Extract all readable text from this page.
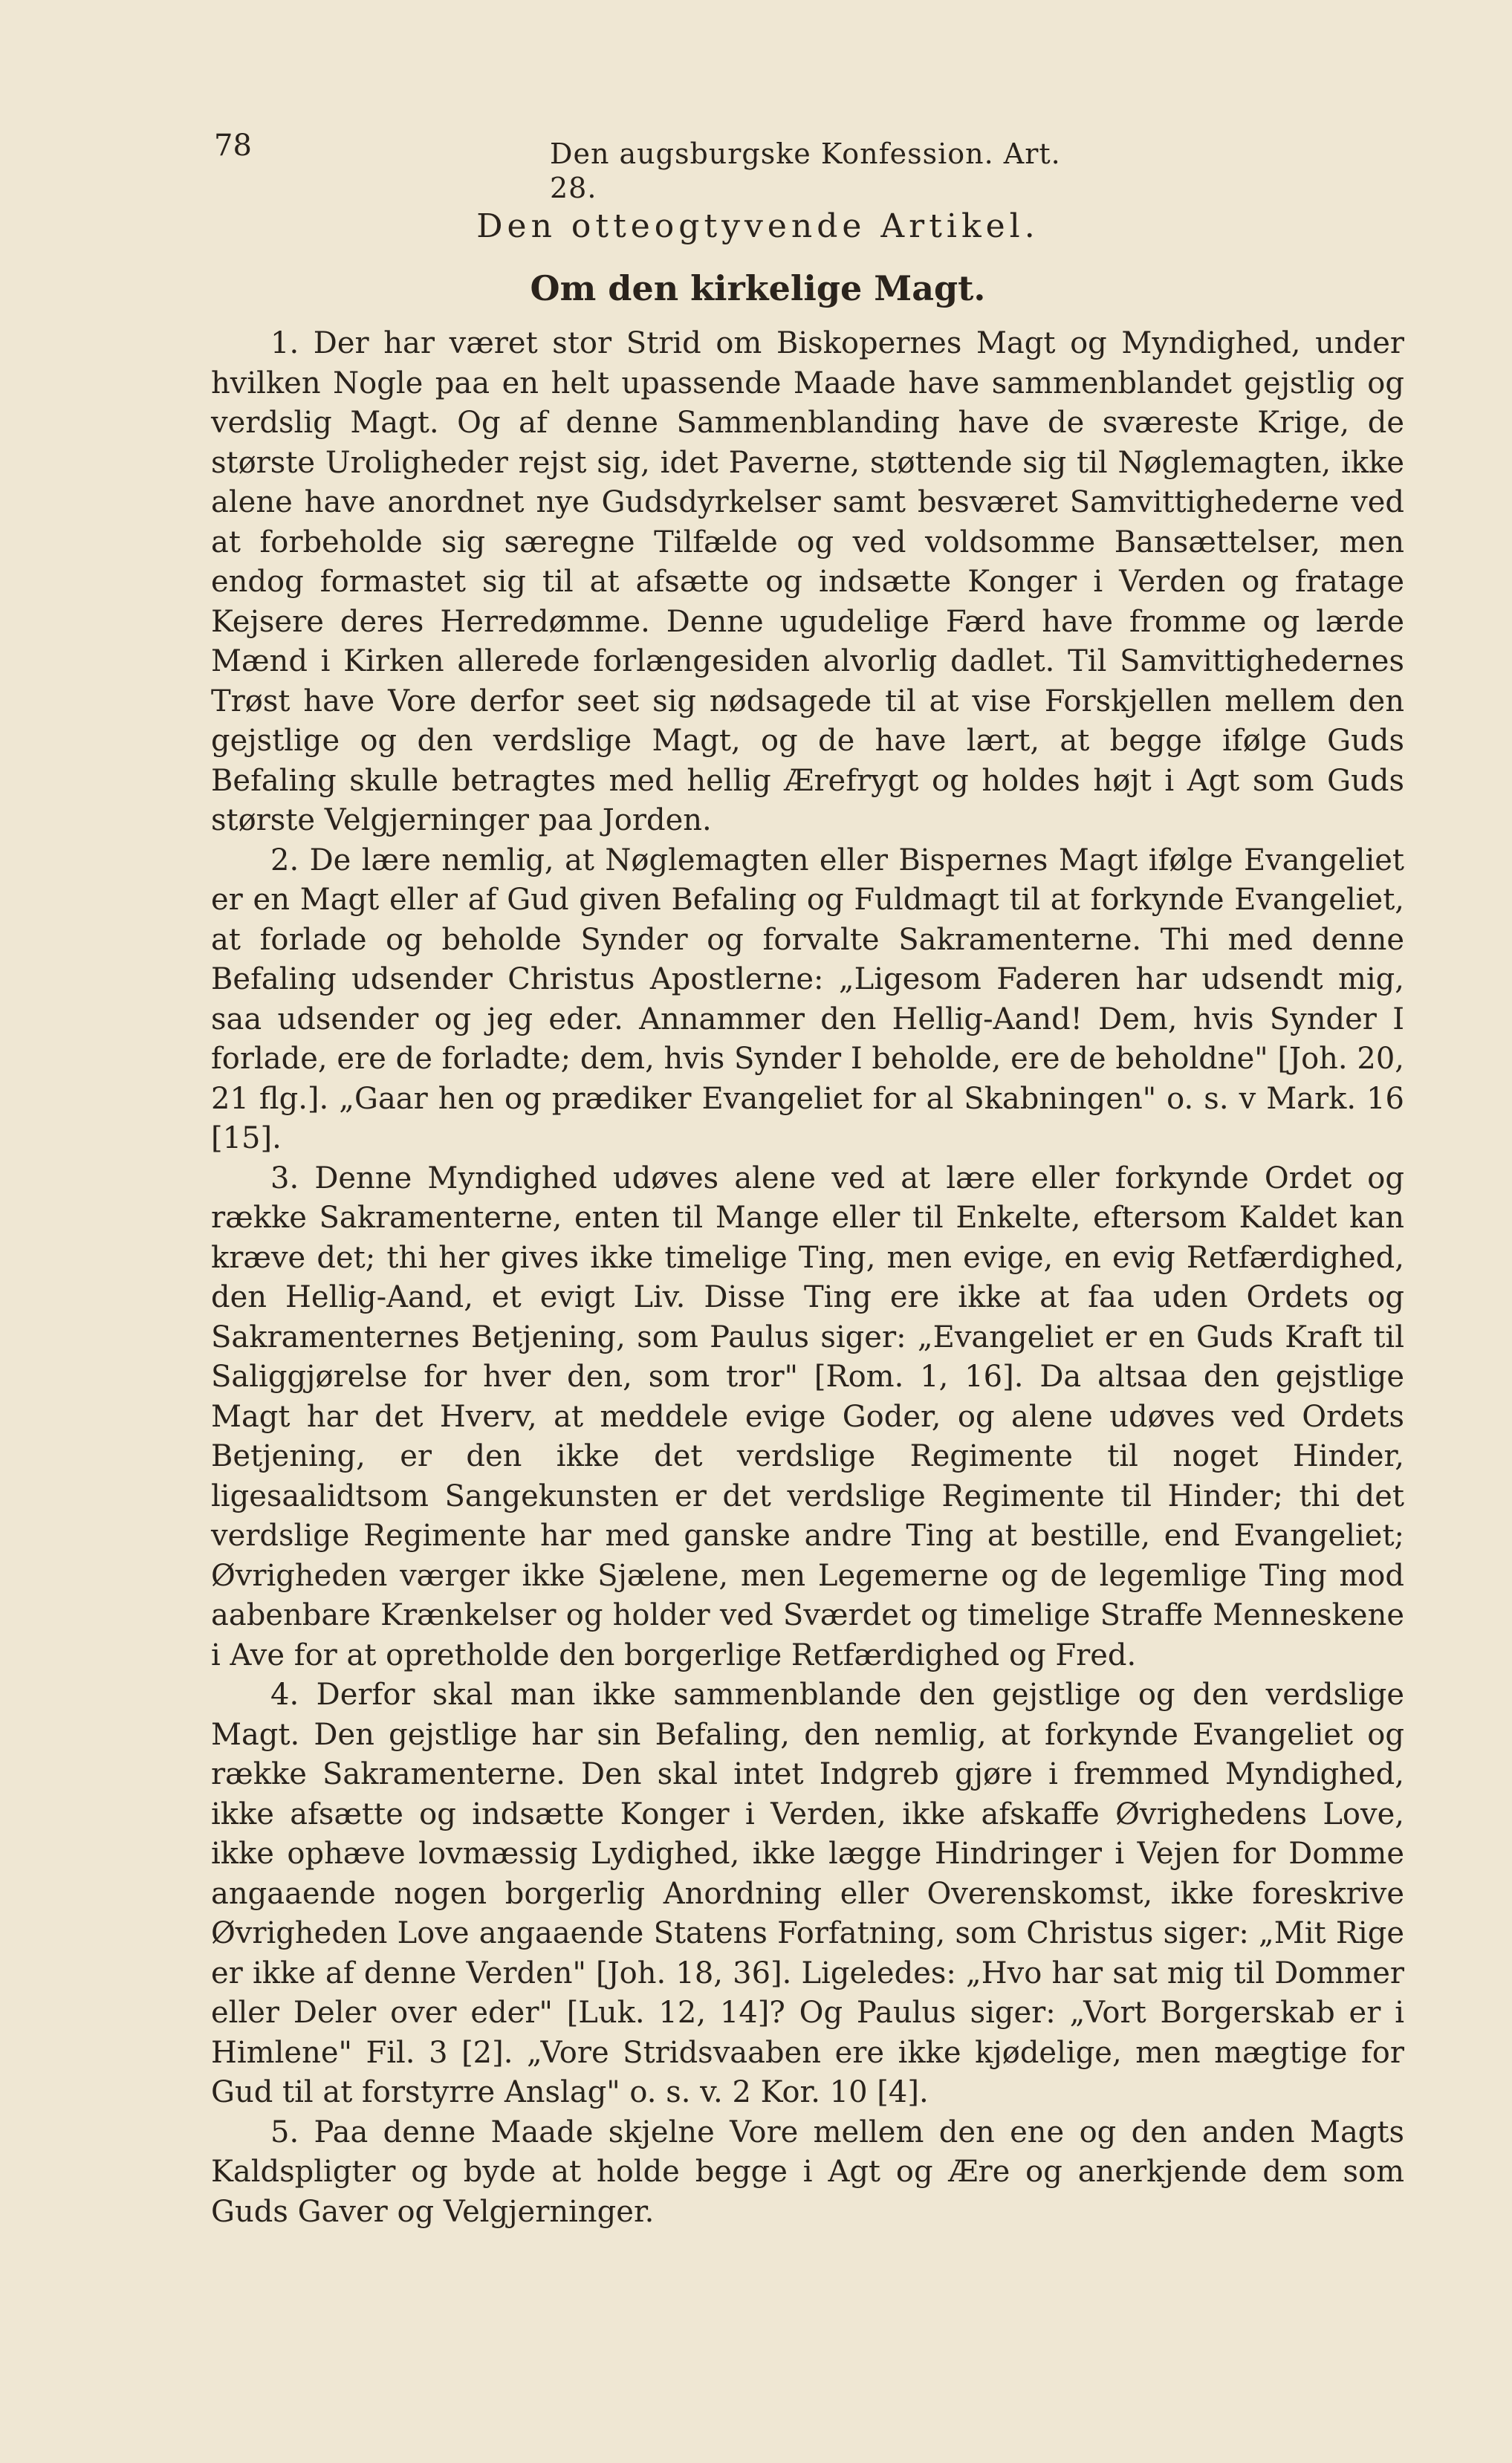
78	Den augsburgske Konfession. Art. 28.
Den otteogtyvende Artikel.
Om den kirkelige Magt.

1. Der har været stor Strid om Biskopernes Magt og Myndighed, under hvilken Nogle paa en helt upassende Maade have sammenblandet gejstlig og verdslig Magt. Og af denne Sammenblanding have de sværeste Krige, de største Uroligheder rejst sig, idet Paverne, støttende sig til Nøglemagten, ikke alene have anordnet nye Gudsdyrkelser samt besværet Samvittighederne ved at forbeholde sig særegne Tilfælde og ved voldsomme Bansættelser, men endog formastet sig til at afsætte og indsætte Konger i Verden og fratage Kejsere deres Herredømme. Denne ugudelige Færd have fromme og lærde Mænd i Kirken allerede forlængesiden alvorlig dadlet. Til Samvittighedernes Trøst have Vore derfor seet sig nødsagede til at vise Forskjellen mellem den gejstlige og den verdslige Magt, og de have lært, at begge ifølge Guds Befaling skulle betragtes med hellig Ærefrygt og holdes højt i Agt som Guds største Velgjerninger paa Jorden.

2. De lære nemlig, at Nøglemagten eller Bispernes Magt ifølge Evangeliet er en Magt eller af Gud given Befaling og Fuldmagt til at forkynde Evangeliet, at forlade og beholde Synder og forvalte Sakramenterne. Thi med denne Befaling udsender Christus Apostlerne: „Ligesom Faderen har udsendt mig, saa udsender og jeg eder. Annammer den Hellig-Aand! Dem, hvis Synder I forlade, ere de forladte; dem, hvis Synder I beholde, ere de beholdne" [Joh. 20, 21 flg.]. „Gaar hen og prædiker Evangeliet for al Skabningen" o. s. v Mark. 16 [15].

3. Denne Myndighed udøves alene ved at lære eller forkynde Ordet og række Sakramenterne, enten til Mange eller til Enkelte, eftersom Kaldet kan kræve det; thi her gives ikke timelige Ting, men evige, en evig Retfærdighed, den Hellig-Aand, et evigt Liv. Disse Ting ere ikke at faa uden Ordets og Sakramenternes Betjening, som Paulus siger: „Evangeliet er en Guds Kraft til Saliggjørelse for hver den, som tror" [Rom. 1, 16]. Da altsaa den gejstlige Magt har det Hverv, at meddele evige Goder, og alene udøves ved Ordets Betjening, er den ikke det verdslige Regimente til noget Hinder, ligesaalidtsom Sangekunsten er det verdslige Regimente til Hinder; thi det verdslige Regimente har med ganske andre Ting at bestille, end Evangeliet; Øvrigheden værger ikke Sjælene, men Legemerne og de legemlige Ting mod aabenbare Krænkelser og holder ved Sværdet og timelige Straffe Menneskene i Ave for at opretholde den borgerlige Retfærdighed og Fred.

4. Derfor skal man ikke sammenblande den gejstlige og den verdslige Magt. Den gejstlige har sin Befaling, den nemlig, at forkynde Evangeliet og række Sakramenterne. Den skal intet Indgreb gjøre i fremmed Myndighed, ikke afsætte og indsætte Konger i Verden, ikke afskaffe Øvrighedens Love, ikke ophæve lovmæssig Lydighed, ikke lægge Hindringer i Vejen for Domme angaaende nogen borgerlig Anordning eller Overenskomst, ikke foreskrive Øvrigheden Love angaaende Statens Forfatning, som Christus siger: „Mit Rige er ikke af denne Verden" [Joh. 18, 36]. Ligeledes: „Hvo har sat mig til Dommer eller Deler over eder" [Luk. 12, 14]? Og Paulus siger: „Vort Borgerskab er i Himlene" Fil. 3 [2]. „Vore Stridsvaaben ere ikke kjødelige, men mægtige for Gud til at forstyrre Anslag" o. s. v. 2 Kor. 10 [4].

5. Paa denne Maade skjelne Vore mellem den ene og den anden Magts Kaldspligter og byde at holde begge i Agt og Ære og anerkjende dem som Guds Gaver og Velgjerninger.
